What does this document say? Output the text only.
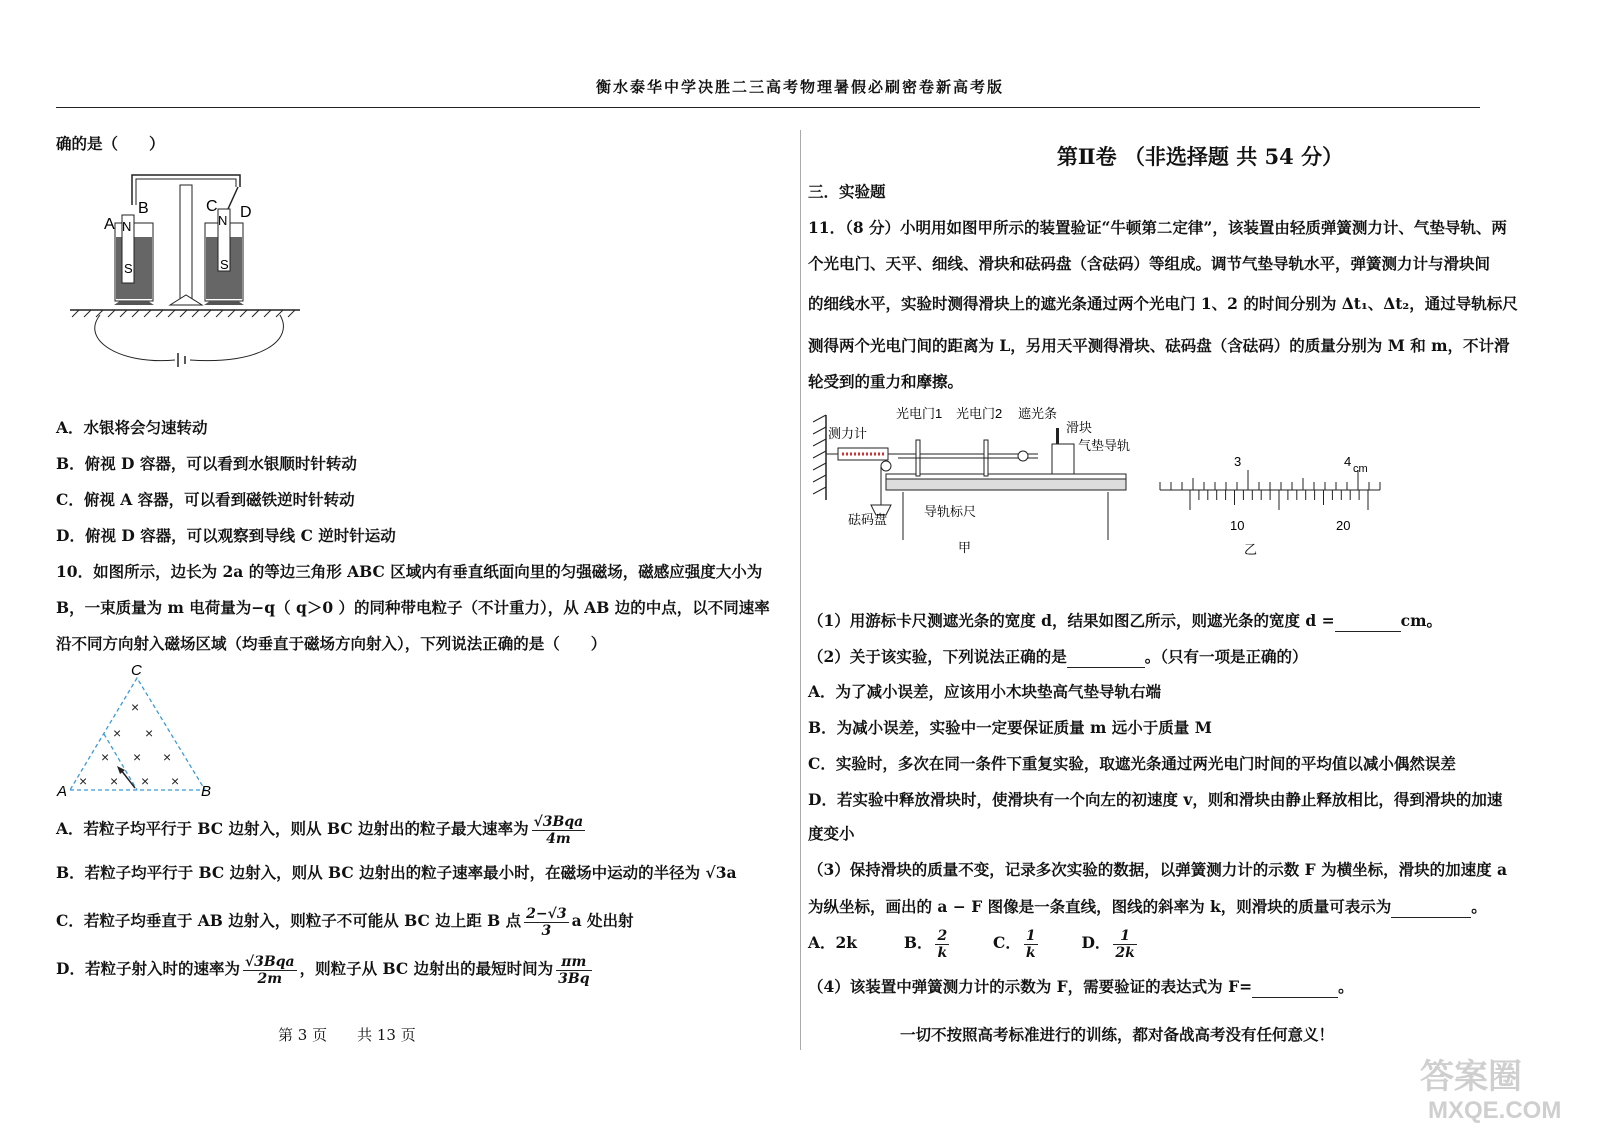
衡水泰华中学决胜二三高考物理暑假必刷密卷新高考版
确的是（　　）
A
B	C D
N
S
N
S
A．水银将会匀速转动
B．俯视 D 容器，可以看到水银顺时针转动
C．俯视 A 容器，可以看到磁铁逆时针转动
D．俯视 D 容器，可以观察到导线 C 逆时针运动
10．如图所示，边长为 2a 的等边三角形 ABC 区域内有垂直纸面向里的匀强磁场，磁感应强度大小为
B，一束质量为 m 电荷量为−q（ q＞0 ）的同种带电粒子（不计重力），从 AB 边的中点，以不同速率
沿不同方向射入磁场区域（均垂直于磁场方向射入），下列说法正确的是（　　）
×
× ×
× × ×
× × × ×
A	B
C
A．若粒子均平行于 BC 边射入，则从 BC 边射出的粒子最大速率为 $\frac{\text{√3Bqa}}{4m}$
B．若粒子均平行于 BC 边射入，则从 BC 边射出的粒子速率最小时，在磁场中运动的半径为 √3a
C．若粒子均垂直于 AB 边射入，则粒子不可能从 BC 边上距 B 点 $\frac{2-√3}{3}$ a 处出射
D．若粒子射入时的速率为 $\frac{\text{√3Bqa}}{2m}$ ，则粒子从 BC 边射出的最短时间为 $\frac{\pi m}{3Bq}$
第 3 页　　共 13 页
第Ⅱ卷 （非选择题 共 54 分）
三．实验题
11．（8 分）小明用如图甲所示的装置验证“牛顿第二定律”，该装置由轻质弹簧测力计、气垫导轨、两
个光电门、天平、细线、滑块和砝码盘（含砝码）等组成。调节气垫导轨水平，弹簧测力计与滑块间
的细线水平，实验时测得滑块上的遮光条通过两个光电门 1、2 的时间分别为 Δt₁、Δt₂，通过导轨标尺
测得两个光电门间的距离为 L，另用天平测得滑块、砝码盘（含砝码）的质量分别为 M 和 m，不计滑
轮受到的重力和摩擦。
光电门1 光电门2 遮光条
滑块
测力计
气垫导轨
砝码盘
导轨标尺
甲
3	4 cm
10	20
乙
（1）用游标卡尺测遮光条的宽度 d，结果如图乙所示，则遮光条的宽度 d =	cm。
（2）关于该实验，下列说法正确的是	。（只有一项是正确的）
A．为了减小误差，应该用小木块垫高气垫导轨右端
B．为减小误差，实验中一定要保证质量 m 远小于质量 M
C．实验时，多次在同一条件下重复实验，取遮光条通过两光电门时间的平均值以减小偶然误差
D．若实验中释放滑块时，使滑块有一个向左的初速度 v，则和滑块由静止释放相比，得到滑块的加速
度变小
（3）保持滑块的质量不变，记录多次实验的数据，以弹簧测力计的示数 F 为横坐标，滑块的加速度 a
为纵坐标，画出的 a − F 图像是一条直线，图线的斜率为 k，则滑块的质量可表示为	。
A．2k	B． $\frac{2}{k}$	C． $\frac{1}{k}$	D． $\frac{1}{2k}$
（4）该装置中弹簧测力计的示数为 F，需要验证的表达式为 F=	。
一切不按照高考标准进行的训练，都对备战高考没有任何意义！
答案圈
MXQE.COM
